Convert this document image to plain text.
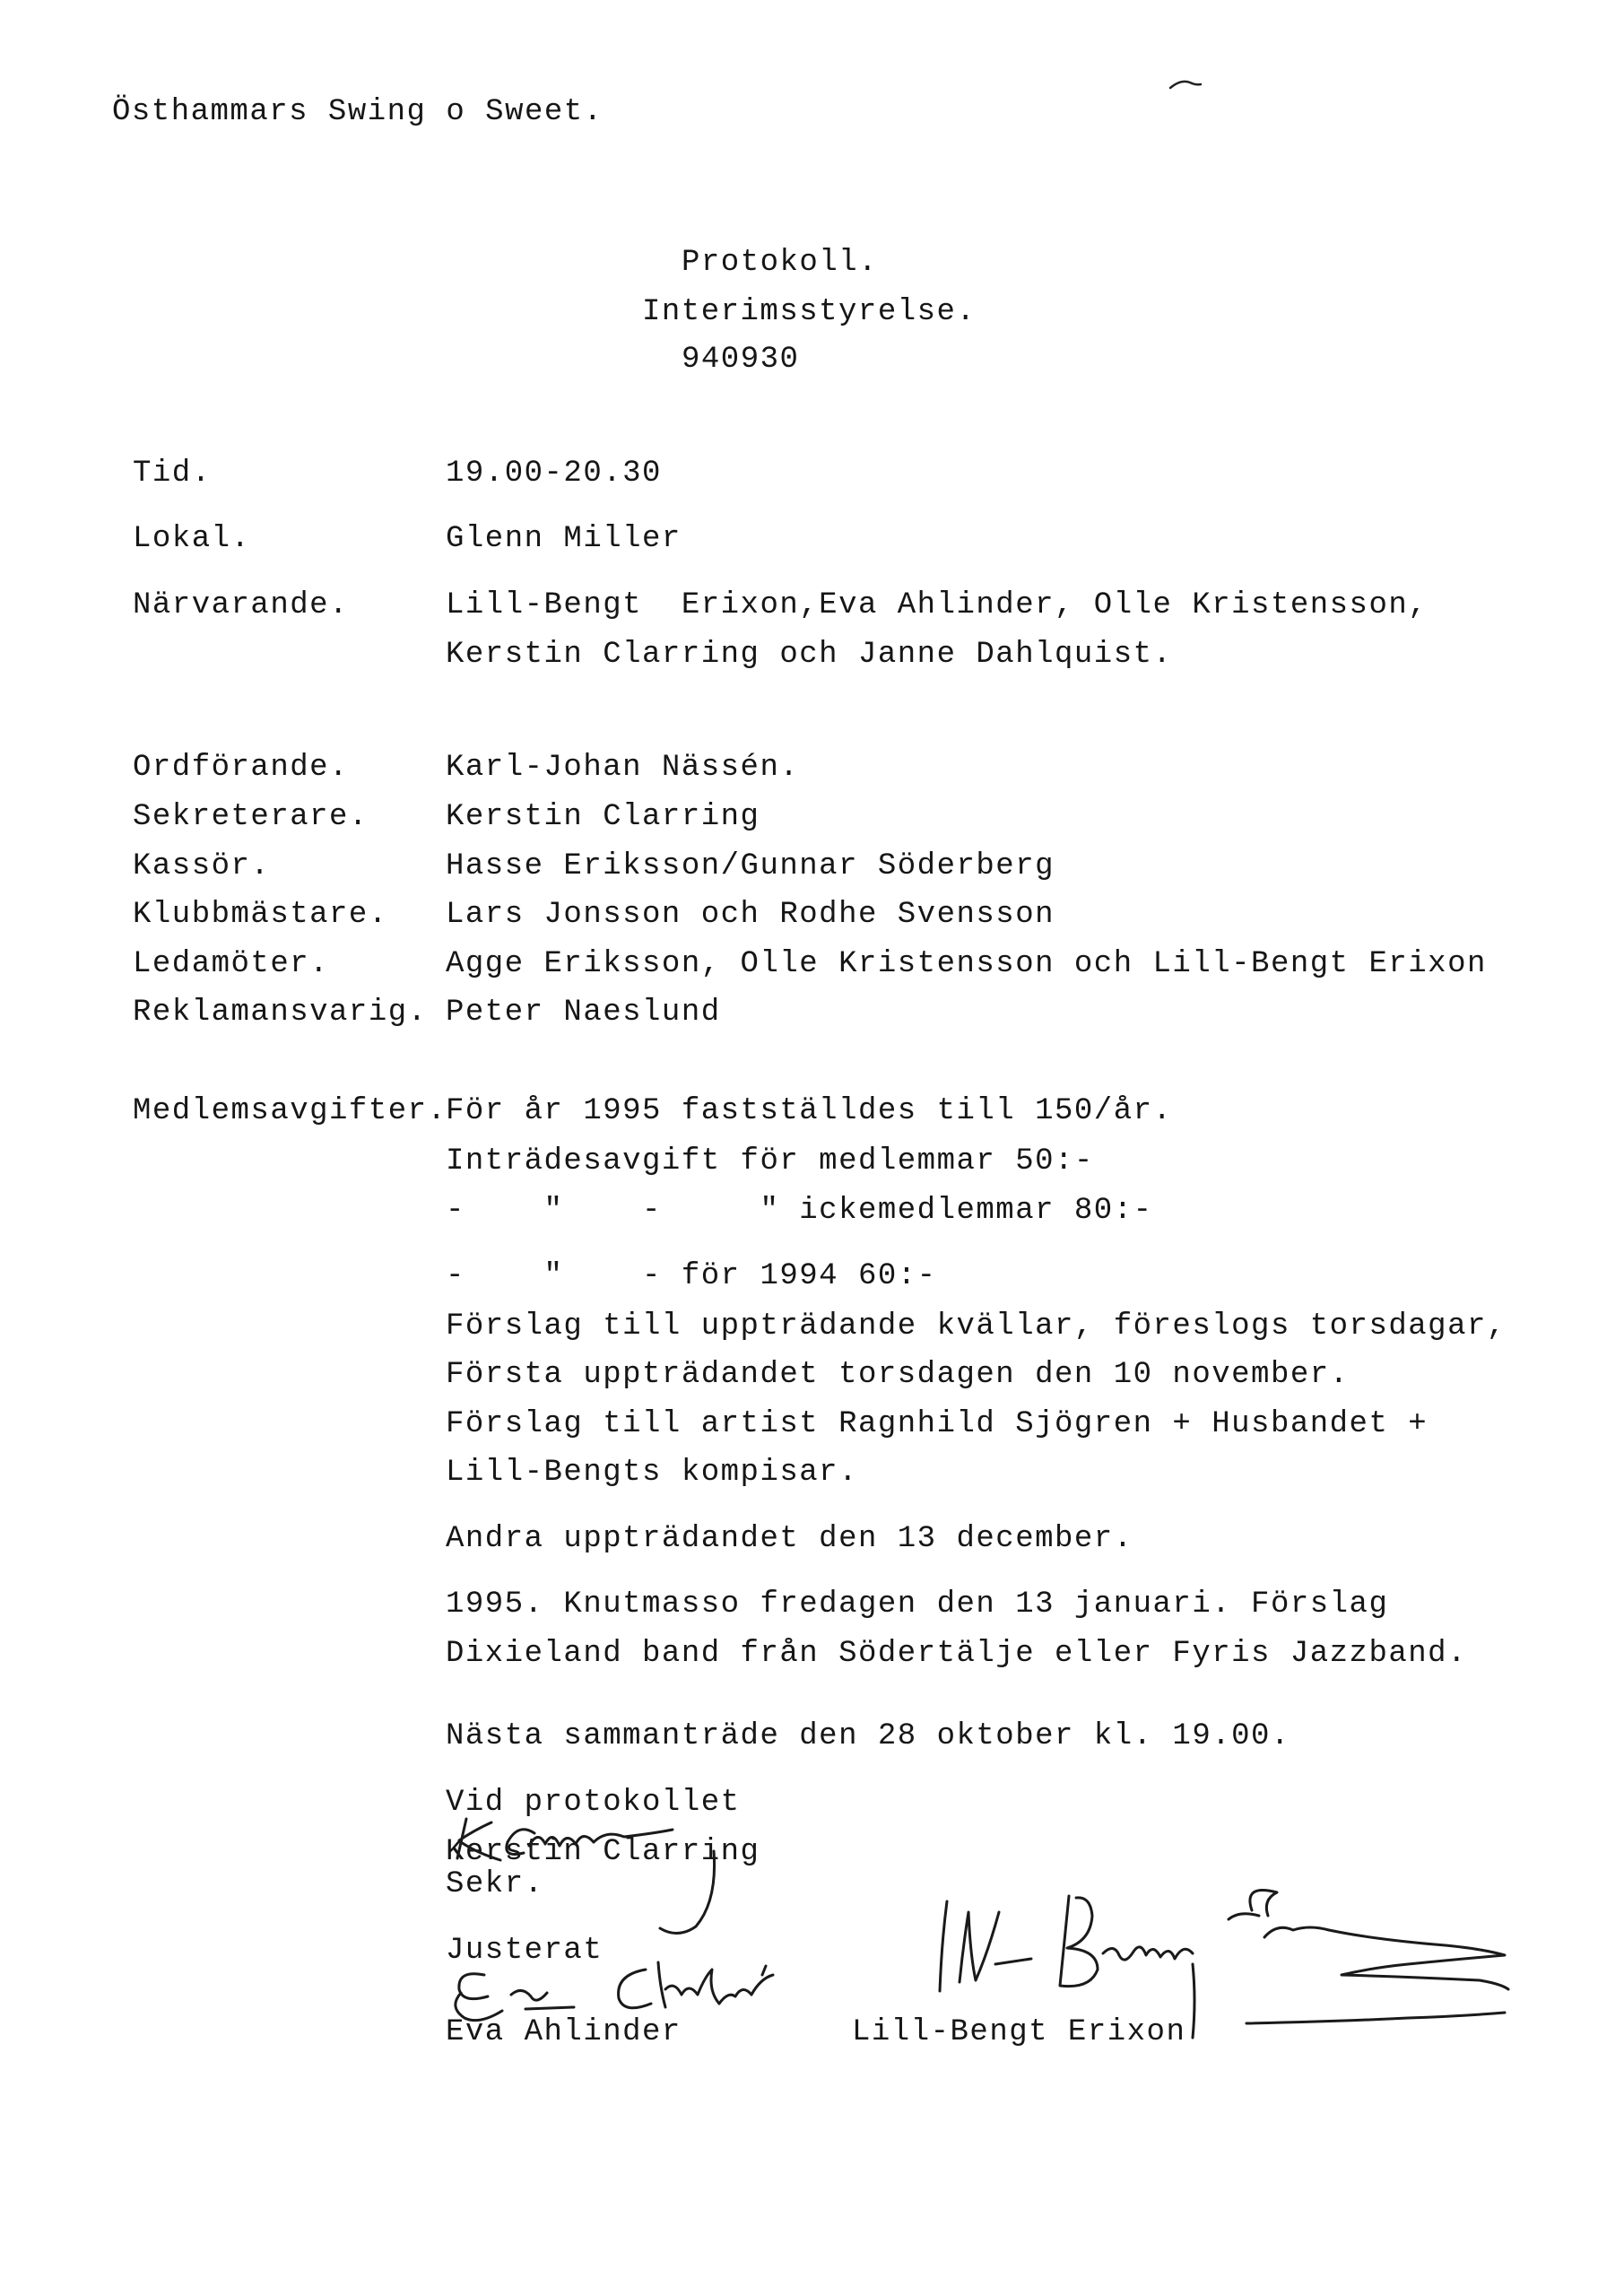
Östhammars Swing o Sweet.
Protokoll.
Interimsstyrelse.
940930
Tid.	19.00-20.30
Lokal.	Glenn Miller
Närvarande.	Lill-Bengt  Erixon,Eva Ahlinder, Olle Kristensson,
Kerstin Clarring och Janne Dahlquist.
Ordförande.	Karl-Johan Nässén.
Sekreterare.	Kerstin Clarring
Kassör.	Hasse Eriksson/Gunnar Söderberg
Klubbmästare. Lars Jonsson och Rodhe Svensson
Ledamöter.	Agge Eriksson, Olle Kristensson och Lill-Bengt Erixon
Reklamansvarig. Peter Naeslund
Medlemsavgifter.
För år 1995 fastställdes till 150/år.
Inträdesavgift för medlemmar 50:-
-    "    -     " ickemedlemmar 80:-
-    "    - för 1994 60:-
Förslag till uppträdande kvällar, föreslogs torsdagar,
Första uppträdandet torsdagen den 10 november.
Förslag till artist Ragnhild Sjögren + Husbandet +
Lill-Bengts kompisar.
Andra uppträdandet den 13 december.
1995. Knutmasso fredagen den 13 januari. Förslag
Dixieland band från Södertälje eller Fyris Jazzband.
Nästa sammanträde den 28 oktober kl. 19.00.
Vid protokollet
Kerstin Clarring
Sekr.
Justerat
Eva Ahlinder	Lill-Bengt Erixon
